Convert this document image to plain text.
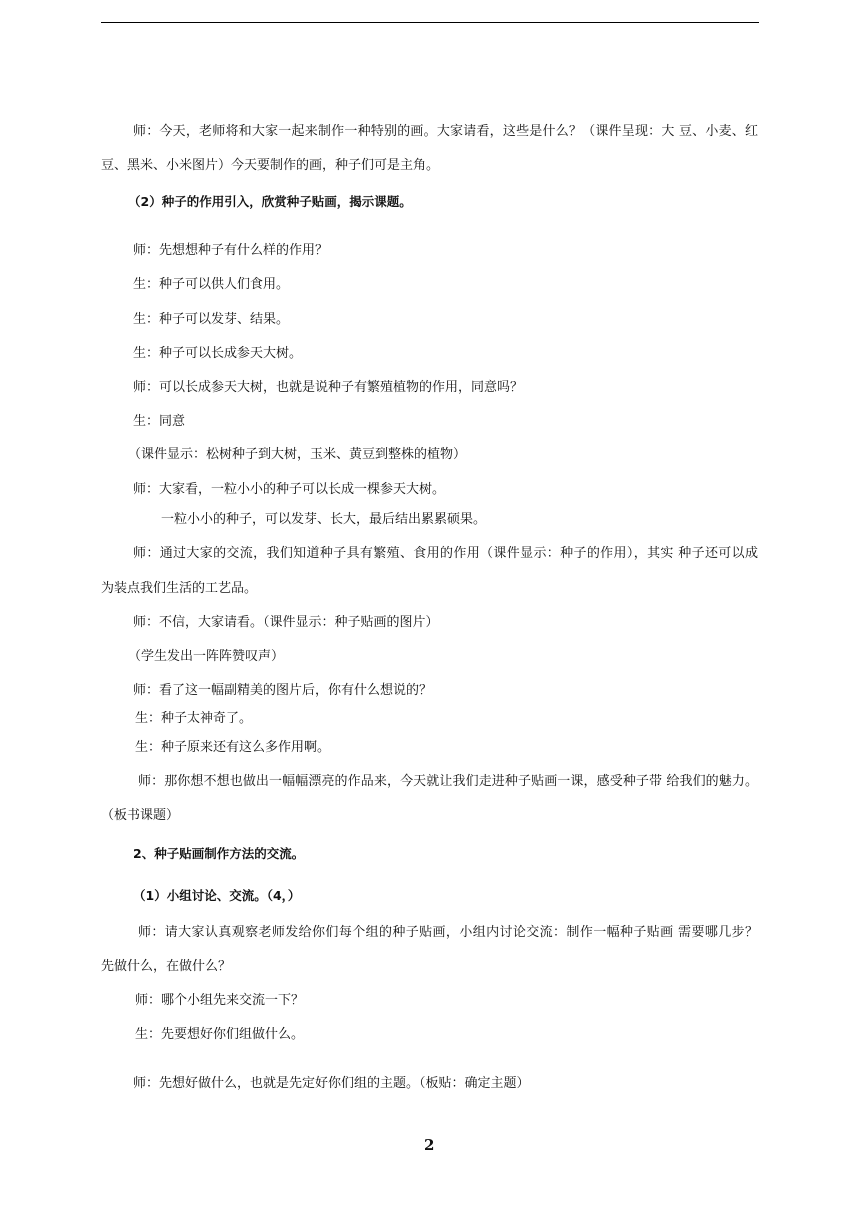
师：今天，老师将和大家一起来制作一种特别的画。大家请看，这些是什么？（课件呈现：大 豆、小麦、红
豆、黑米、小米图片）今天要制作的画，种子们可是主角。
（2）种子的作用引入，欣赏种子贴画，揭示课题。
师：先想想种子有什么样的作用？
生：种子可以供人们食用。
生：种子可以发芽、结果。
生：种子可以长成参天大树。
师：可以长成参天大树，也就是说种子有繁殖植物的作用，同意吗？
生：同意
（课件显示：松树种子到大树，玉米、黄豆到整株的植物）
师：大家看，一粒小小的种子可以长成一棵参天大树。
一粒小小的种子，可以发芽、长大，最后结出累累硕果。
师：通过大家的交流，我们知道种子具有繁殖、食用的作用（课件显示：种子的作用），其实 种子还可以成
为装点我们生活的工艺品。
师：不信，大家请看。（课件显示：种子贴画的图片）
（学生发出一阵阵赞叹声）
师：看了这一幅副精美的图片后，你有什么想说的？
生：种子太神奇了。
生：种子原来还有这么多作用啊。
师：那你想不想也做出一幅幅漂亮的作品来，今天就让我们走进种子贴画一课，感受种子带 给我们的魅力。
（板书课题）
2、种子贴画制作方法的交流。
（1）小组讨论、交流。（4，）
师：请大家认真观察老师发给你们每个组的种子贴画，小组内讨论交流：制作一幅种子贴画 需要哪几步？
先做什么，在做什么？
师：哪个小组先来交流一下？
生：先要想好你们组做什么。
师：先想好做什么，也就是先定好你们组的主题。（板贴：确定主题）
2
